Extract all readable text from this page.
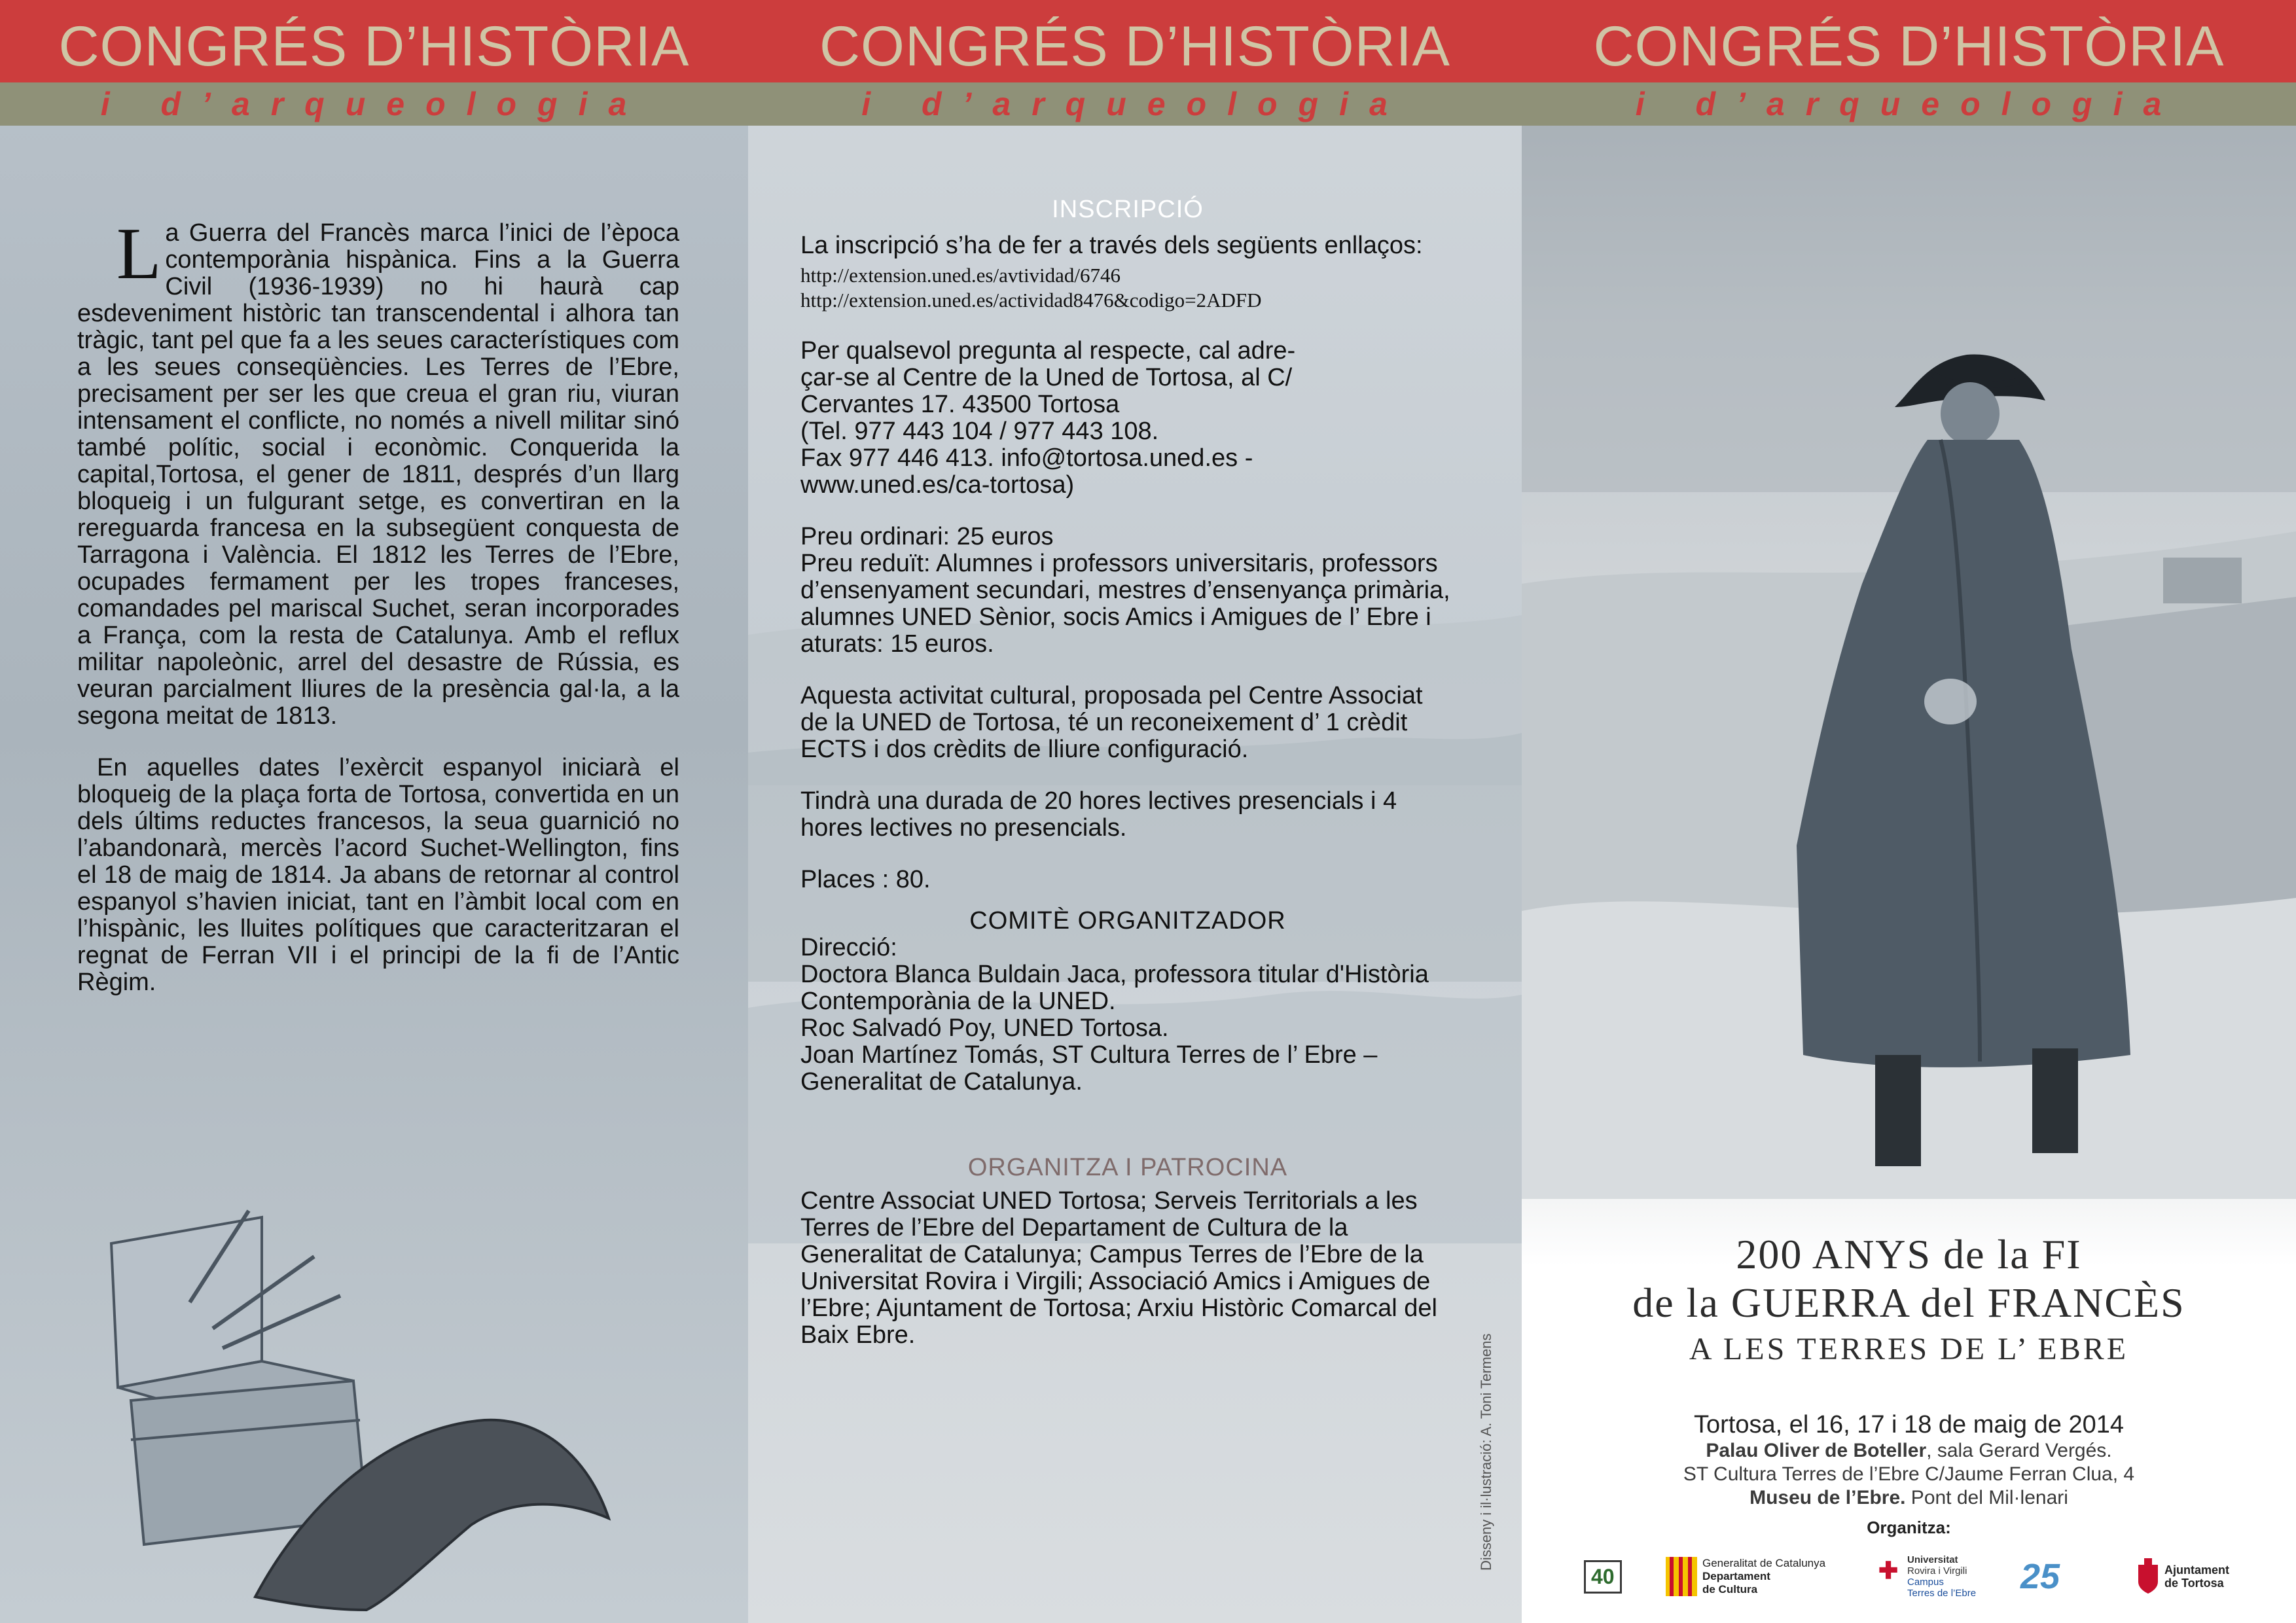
CONGRÉS D’HISTÒRIA
i d’arqueologia
L a Guerra del Francès marca l’inici de l’època contemporània hispànica. Fins a la Guerra Civil (1936-1939) no hi haurà cap esdeveniment històric tan transcendental i alhora tan tràgic, tant pel que fa a les seues característiques com a les seues conseqüències. Les Terres de l’Ebre, precisament per ser les que creua el gran riu, viuran intensament el conflicte, no només a nivell militar sinó també polític, social i econòmic. Conquerida la capital,Tortosa, el gener de 1811, després d’un llarg bloqueig i un fulgurant setge, es convertiran en la rereguarda francesa en la subsegüent conquesta de Tarragona i València. El 1812 les Terres de l’Ebre, ocupades fermament per les tropes franceses, comandades pel mariscal Suchet, seran incorporades a França, com la resta de Catalunya. Amb el reflux militar napoleònic, arrel del desastre de Rússia, es veuran parcialment lliures de la presència gal·la, a la segona meitat de 1813.
En aquelles dates l’exèrcit espanyol iniciarà el bloqueig de la plaça forta de Tortosa, convertida en un dels últims reductes francesos, la seua guarnició no l’abandonarà, mercès l’acord Suchet-Wellington, fins el 18 de maig de 1814. Ja abans de retornar al control espanyol s’havien iniciat, tant en l’àmbit local com en l’hispànic, les lluites polítiques que caracteritzaran el regnat de Ferran VII i el principi de la fi de l’Antic Règim.
CONGRÉS D’HISTÒRIA
i d’arqueologia
INSCRIPCIÓ
La inscripció s’ha de fer a través dels següents enllaços:
http://extension.uned.es/avtividad/6746
http://extension.uned.es/actividad8476&codigo=2ADFD
Per qualsevol pregunta al respecte, cal adre-
çar-se al Centre de la Uned de Tortosa, al C/
Cervantes 17. 43500 Tortosa
(Tel. 977 443 104 / 977 443 108.
Fax 977 446 413. info@tortosa.uned.es -
www.uned.es/ca-tortosa)
Preu ordinari: 25 euros
Preu reduït: Alumnes i professors universitaris, professors d’ensenyament secundari, mestres d’ensenyança primària, alumnes UNED Sènior, socis Amics i Amigues de l’ Ebre i aturats: 15 euros.
Aquesta activitat cultural, proposada pel Centre Associat de la UNED de Tortosa, té un reconeixement d’ 1 crèdit ECTS i dos crèdits de lliure configuració.
Tindrà una durada de 20 hores lectives presencials i 4 hores lectives no presencials.
Places : 80.
COMITÈ ORGANITZADOR
Direcció:
Doctora Blanca Buldain Jaca, professora titular d'Història Contemporània de la UNED.
Roc Salvadó Poy, UNED Tortosa.
Joan Martínez Tomás, ST Cultura Terres de l’ Ebre – Generalitat de Catalunya.
ORGANITZA I PATROCINA
Centre Associat UNED Tortosa; Serveis Territorials a les Terres de l’Ebre del Departament de Cultura de la Generalitat de Catalunya; Campus Terres de l’Ebre de la Universitat Rovira i Virgili; Associació Amics i Amigues de l’Ebre; Ajuntament de Tortosa; Arxiu Històric Comarcal del Baix Ebre.	Disseny i il·lustració: A. Toni Termens
CONGRÉS D’HISTÒRIA
i d’arqueologia
200 ANYS de la FI
de la GUERRA del FRANCÈS
A LES TERRES DE L’ EBRE
Tortosa, el 16, 17 i 18 de maig de 2014
Palau Oliver de Boteller, sala Gerard Vergés.
ST Cultura Terres de l’Ebre C/Jaume Ferran Clua, 4
Museu de l’Ebre. Pont del Mil·lenari
Organitza:
40
Generalitat de Catalunya
Departament
de Cultura
✚ Universitat
Rovira i Virgili
Campus
Terres de l’Ebre 25	Ajuntament
de Tortosa
